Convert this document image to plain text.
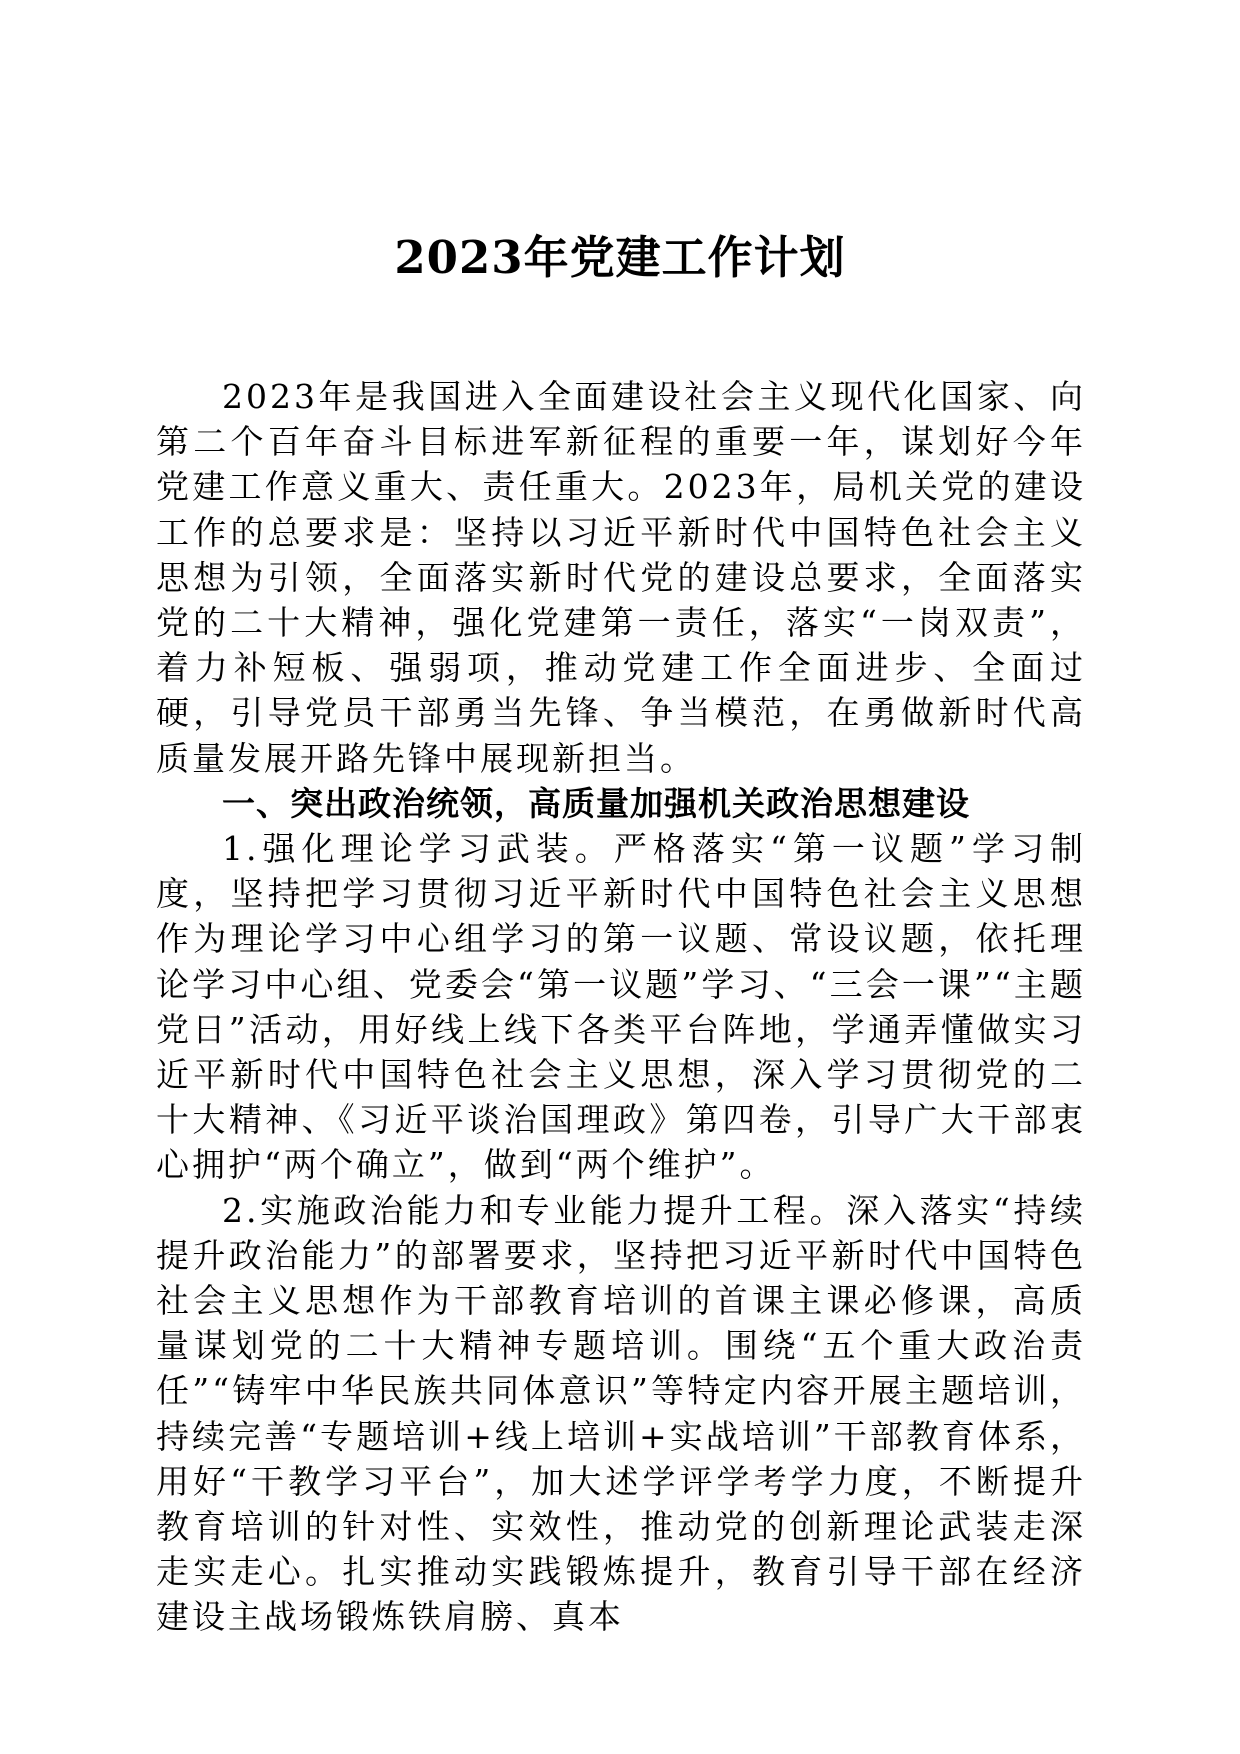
2023年党建工作计划

2023年是我国进入全面建设社会主义现代化国家、向第二个百年奋斗目标进军新征程的重要一年，谋划好今年党建工作意义重大、责任重大。2023年，局机关党的建设工作的总要求是：坚持以习近平新时代中国特色社会主义思想为引领，全面落实新时代党的建设总要求，全面落实党的二十大精神，强化党建第一责任，落实“一岗双责”，着力补短板、强弱项，推动党建工作全面进步、全面过硬，引导党员干部勇当先锋、争当模范，在勇做新时代高质量发展开路先锋中展现新担当。

一、突出政治统领，高质量加强机关政治思想建设

1.强化理论学习武装。严格落实“第一议题”学习制度，坚持把学习贯彻习近平新时代中国特色社会主义思想作为理论学习中心组学习的第一议题、常设议题，依托理论学习中心组、党委会“第一议题”学习、“三会一课”“主题党日”活动，用好线上线下各类平台阵地，学通弄懂做实习近平新时代中国特色社会主义思想，深入学习贯彻党的二十大精神、《习近平谈治国理政》第四卷，引导广大干部衷心拥护“两个确立”，做到“两个维护”。

2.实施政治能力和专业能力提升工程。深入落实“持续提升政治能力”的部署要求，坚持把习近平新时代中国特色社会主义思想作为干部教育培训的首课主课必修课，高质量谋划党的二十大精神专题培训。围绕“五个重大政治责任”“铸牢中华民族共同体意识”等特定内容开展主题培训，持续完善“专题培训+线上培训+实战培训”干部教育体系，用好“干教学习平台”，加大述学评学考学力度，不断提升教育培训的针对性、实效性，推动党的创新理论武装走深走实走心。扎实推动实践锻炼提升，教育引导干部在经济建设主战场锻炼铁肩膀、真本
